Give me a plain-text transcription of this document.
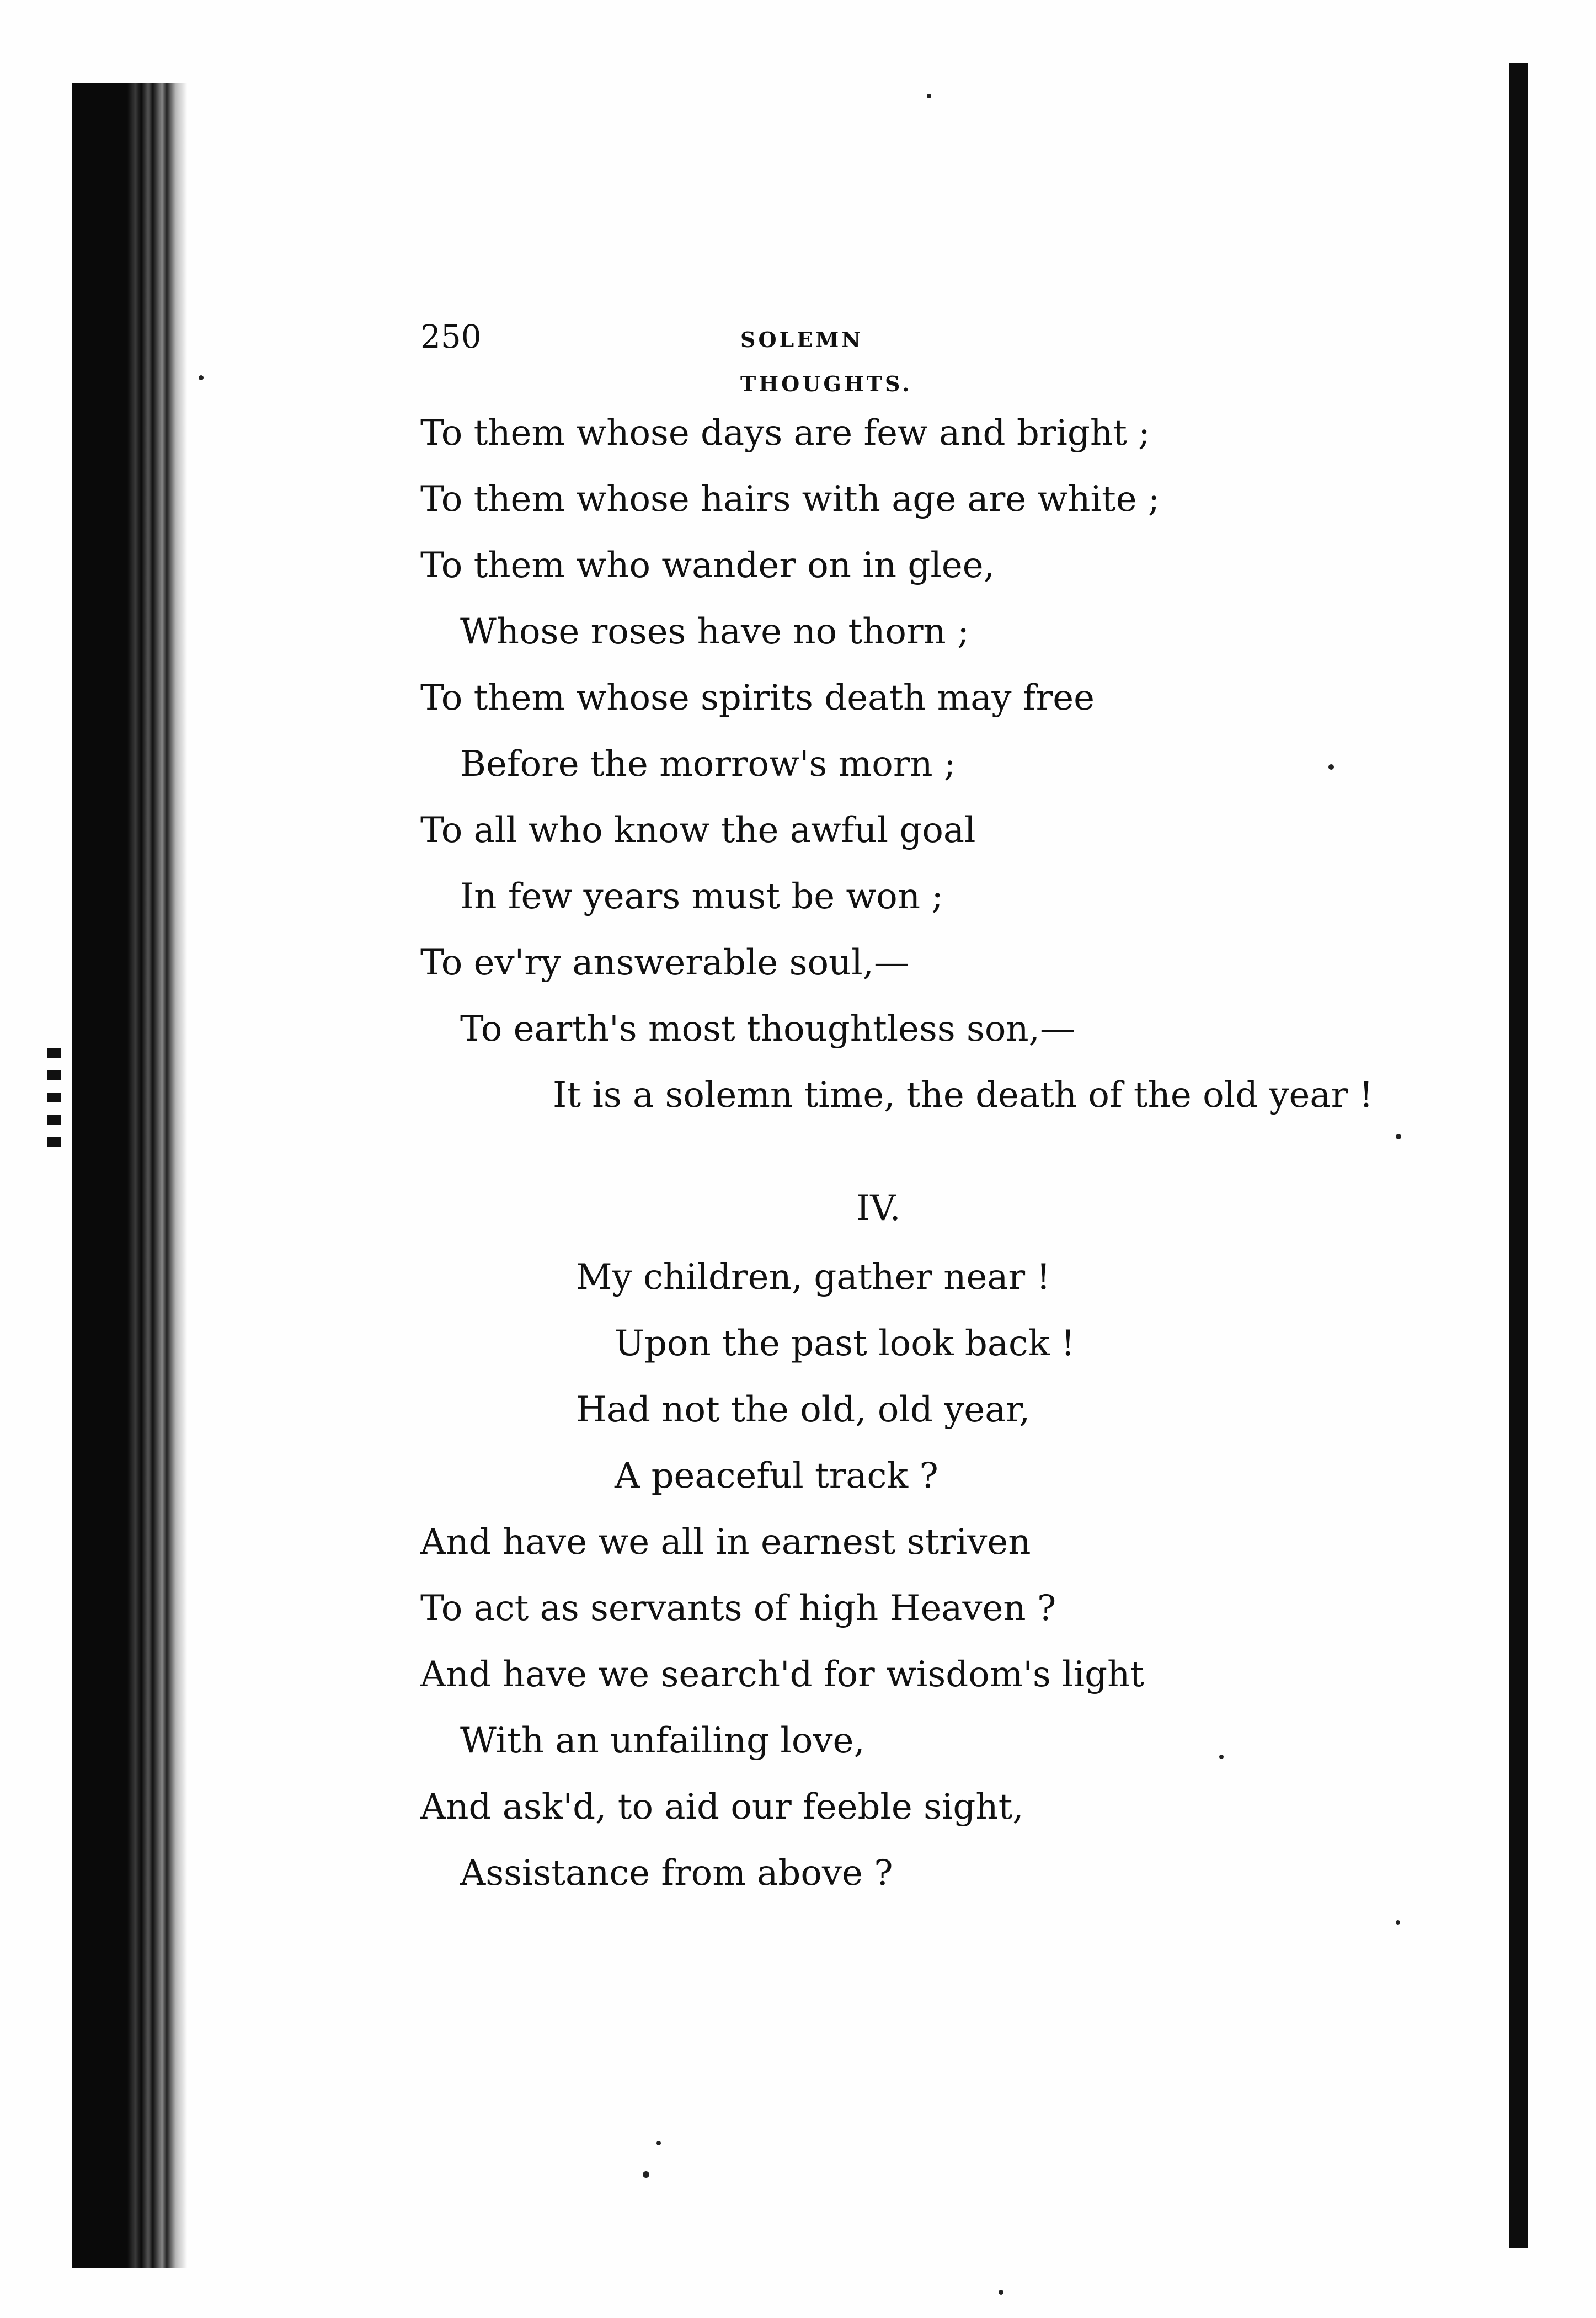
250	SOLEMN THOUGHTS.
To them whose days are few and bright ;
To them whose hairs with age are white ;
To them who wander on in glee,
Whose roses have no thorn ;
To them whose spirits death may free
Before the morrow's morn ;
To all who know the awful goal
In few years must be won ;
To ev'ry answerable soul,—
To earth's most thoughtless son,—
It is a solemn time, the death of the old year !
IV.
My children, gather near !
Upon the past look back !
Had not the old, old year,
A peaceful track ?
And have we all in earnest striven
To act as servants of high Heaven ?
And have we search'd for wisdom's light
With an unfailing love,
And ask'd, to aid our feeble sight,
Assistance from above ?
